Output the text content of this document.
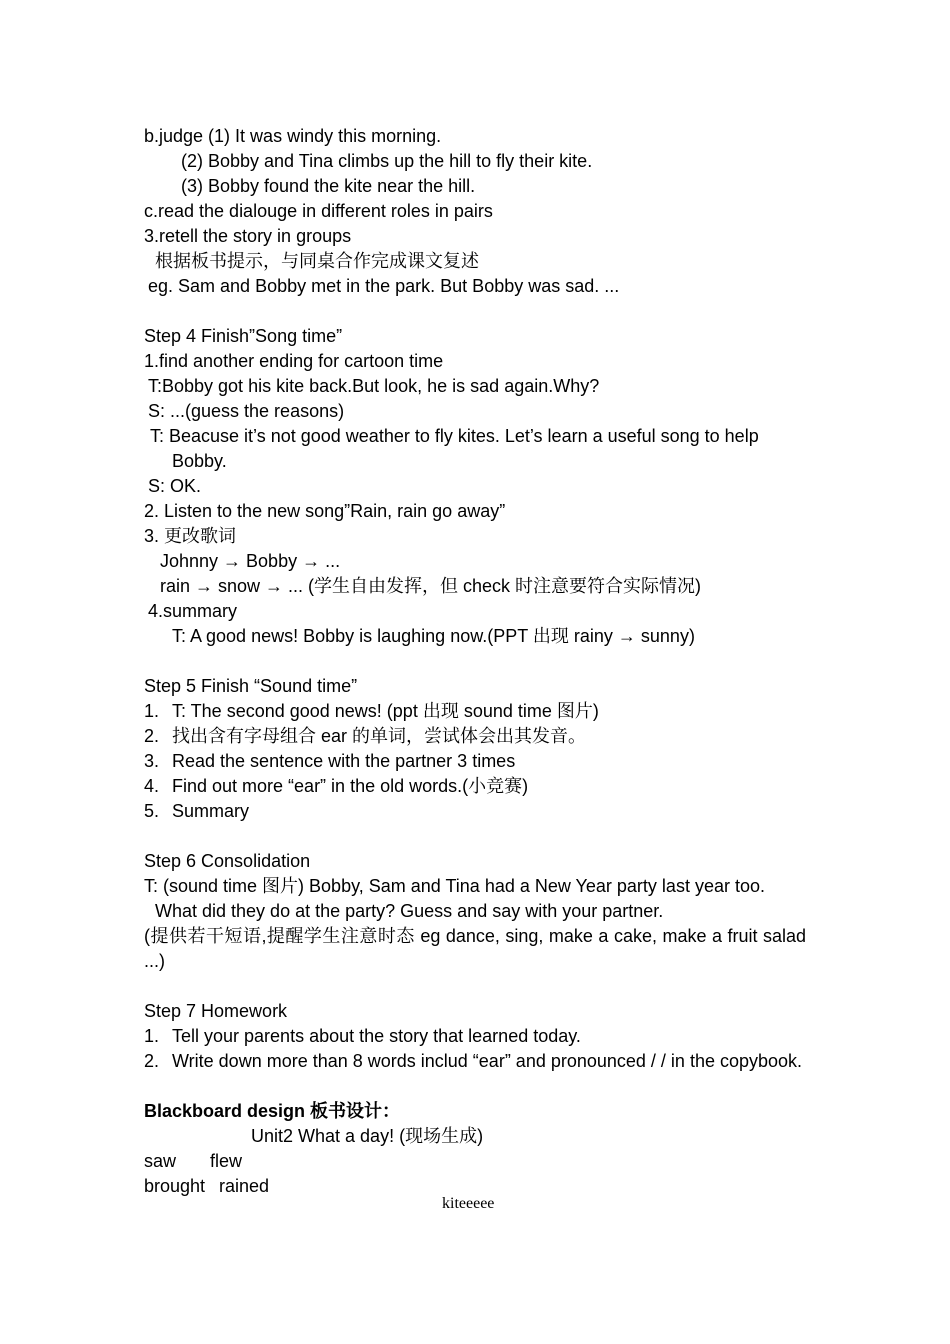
b.judge (1) It was windy this morning.
(2) Bobby and Tina climbs up the hill to fly their kite.
(3) Bobby found the kite near the hill.
c.read the dialouge in different roles in pairs
3.retell the story in groups
根据板书提示，与同桌合作完成课文复述
eg. Sam and Bobby met in the park. But Bobby was sad. ...
Step 4 Finish”Song time”
1.find another ending for cartoon time
T:Bobby got his kite back.But look, he is sad again.Why?
S: ...(guess the reasons)
T: Beacuse it’s not good weather to fly kites. Let’s learn a useful song to help Bobby.
S: OK.
2. Listen to the new song”Rain, rain go away”
3. 更改歌词
Johnny → Bobby → ...
rain → snow → ... (学生自由发挥，但 check 时注意要符合实际情况)
4.summary
T: A good news! Bobby is laughing now.(PPT 出现 rainy → sunny)
Step 5 Finish “Sound time”
1. T: The second good news! (ppt 出现 sound time 图片)
2. 找出含有字母组合 ear 的单词，尝试体会出其发音。
3. Read the sentence with the partner 3 times
4. Find out more “ear” in the old words.(小竞赛)
5. Summary
Step 6 Consolidation
T: (sound time 图片) Bobby, Sam and Tina had a New Year party last year too.
What did they do at the party? Guess and say with your partner.
(提供若干短语,提醒学生注意时态 eg dance, sing, make a cake, make a fruit salad ...)
Step 7 Homework
1. Tell your parents about the story that learned today.
2. Write down more than 8 words includ “ear” and pronounced / / in the copybook.
Blackboard design 板书设计：
Unit2 What a day! (现场生成)
saw flew
brought rained
kiteeeee
